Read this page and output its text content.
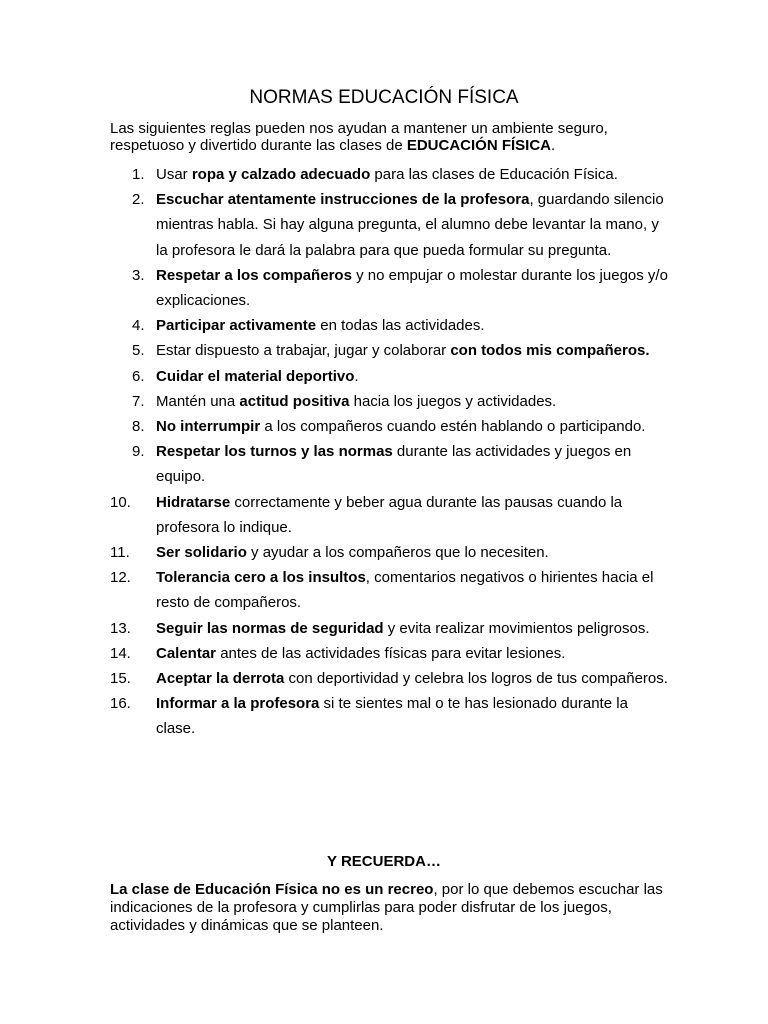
NORMAS EDUCACIÓN FÍSICA

Las siguientes reglas pueden nos ayudan a mantener un ambiente seguro, respetuoso y divertido durante las clases de EDUCACIÓN FÍSICA.

1. Usar ropa y calzado adecuado para las clases de Educación Física.
2. Escuchar atentamente instrucciones de la profesora, guardando silencio mientras habla. Si hay alguna pregunta, el alumno debe levantar la mano, y la profesora le dará la palabra para que pueda formular su pregunta.
3. Respetar a los compañeros y no empujar o molestar durante los juegos y/o explicaciones.
4. Participar activamente en todas las actividades.
5. Estar dispuesto a trabajar, jugar y colaborar con todos mis compañeros.
6. Cuidar el material deportivo.
7. Mantén una actitud positiva hacia los juegos y actividades.
8. No interrumpir a los compañeros cuando estén hablando o participando.
9. Respetar los turnos y las normas durante las actividades y juegos en equipo.
10.	Hidratarse correctamente y beber agua durante las pausas cuando la profesora lo indique.
11.	Ser solidario y ayudar a los compañeros que lo necesiten.
12.	Tolerancia cero a los insultos, comentarios negativos o hirientes hacia el resto de compañeros.
13.	Seguir las normas de seguridad y evita realizar movimientos peligrosos.
14.	Calentar antes de las actividades físicas para evitar lesiones.
15.	Aceptar la derrota con deportividad y celebra los logros de tus compañeros.
16.	Informar a la profesora si te sientes mal o te has lesionado durante la clase.

Y RECUERDA…

La clase de Educación Física no es un recreo, por lo que debemos escuchar las indicaciones de la profesora y cumplirlas para poder disfrutar de los juegos, actividades y dinámicas que se planteen.
